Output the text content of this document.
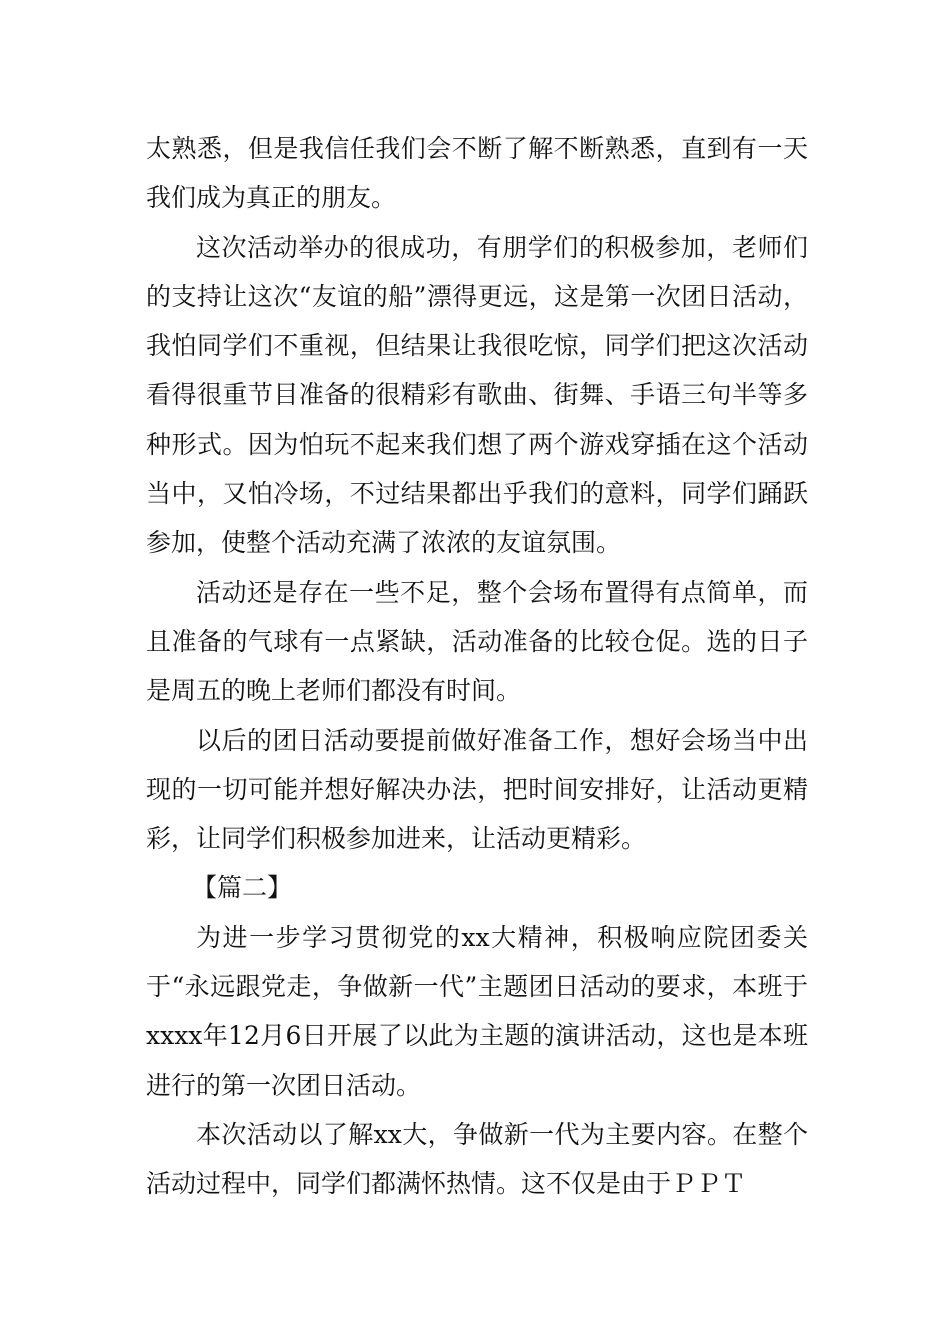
太熟悉，但是我信任我们会不断了解不断熟悉，直到有一天我们成为真正的朋友。

这次活动举办的很成功，有朋学们的积极参加，老师们的支持让这次“友谊的船”漂得更远，这是第一次团日活动，我怕同学们不重视，但结果让我很吃惊，同学们把这次活动看得很重节目准备的很精彩有歌曲、街舞、手语三句半等多种形式。因为怕玩不起来我们想了两个游戏穿插在这个活动当中，又怕冷场，不过结果都出乎我们的意料，同学们踊跃参加，使整个活动充满了浓浓的友谊氛围。

活动还是存在一些不足，整个会场布置得有点简单，而且准备的气球有一点紧缺，活动准备的比较仓促。选的日子是周五的晚上老师们都没有时间。

以后的团日活动要提前做好准备工作，想好会场当中出现的一切可能并想好解决办法，把时间安排好，让活动更精彩，让同学们积极参加进来，让活动更精彩。

【篇二】

为进一步学习贯彻党的xx大精神，积极响应院团委关于“永远跟党走，争做新一代”主题团日活动的要求，本班于xxxx年12月6日开展了以此为主题的演讲活动，这也是本班进行的第一次团日活动。

本次活动以了解xx大，争做新一代为主要内容。在整个活动过程中，同学们都满怀热情。这不仅是由于ＰＰＴ
